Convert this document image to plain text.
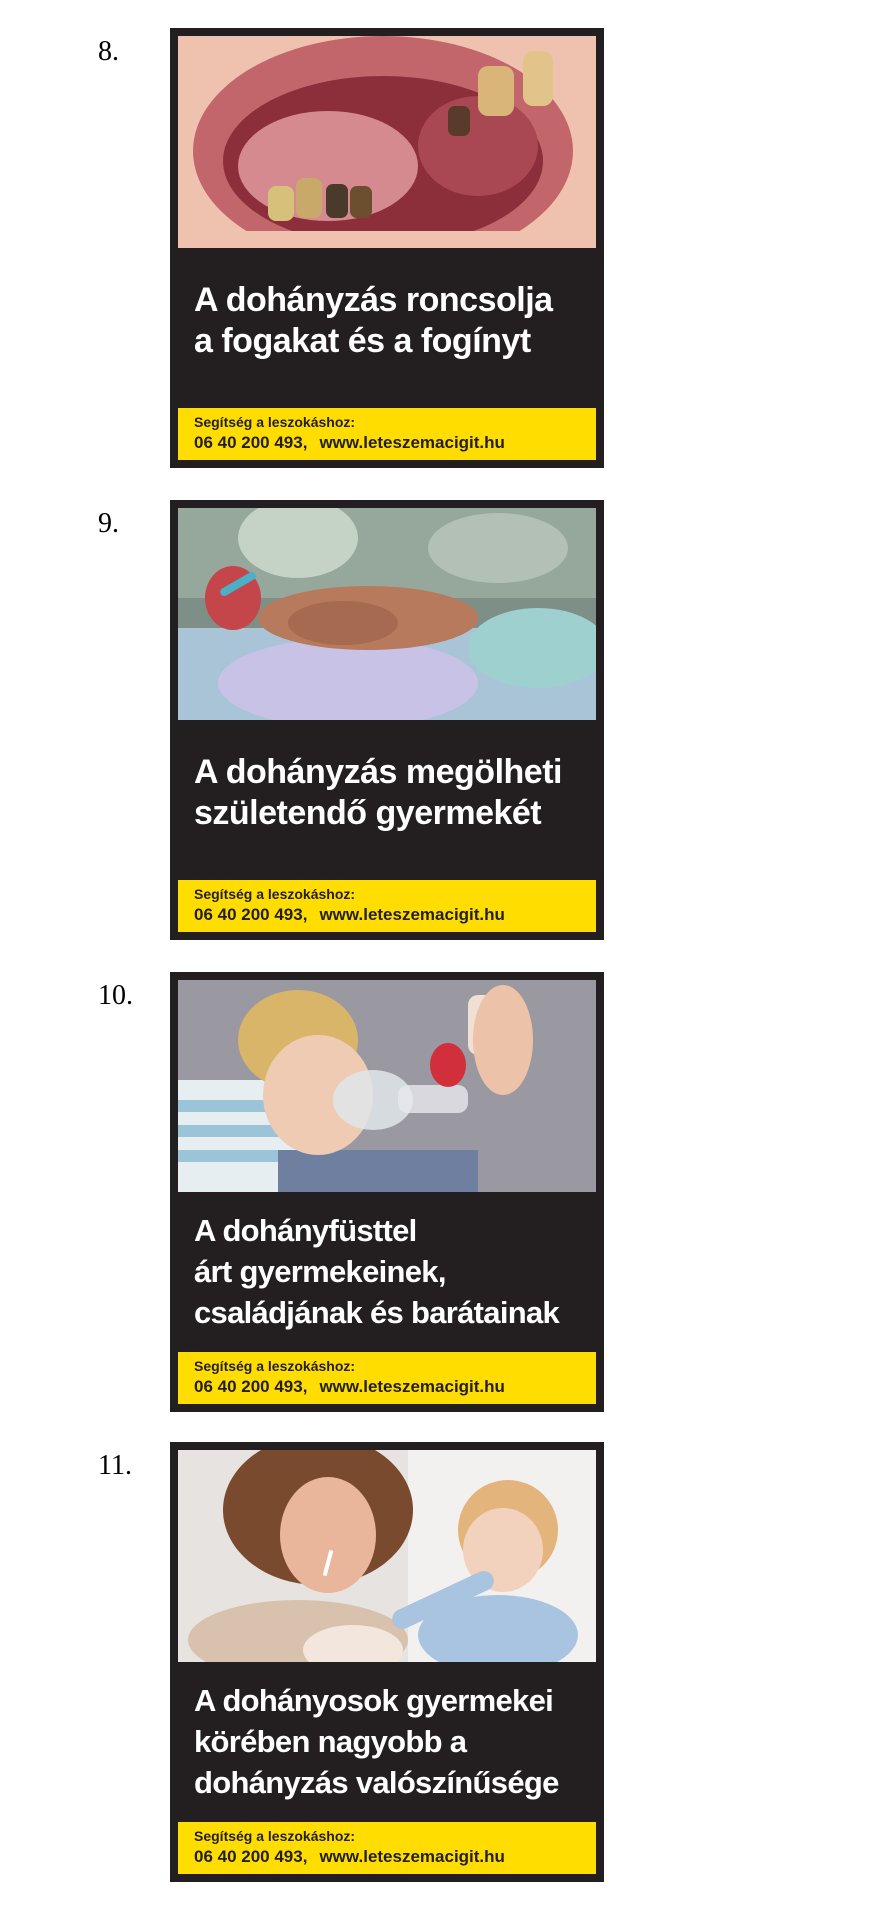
8.
A dohányzás roncsolja
a fogakat és a fogínyt
Segítség a leszokáshoz:
06 40 200 493, www.leteszemacigit.hu
9.
A dohányzás megölheti
születendő gyermekét
Segítség a leszokáshoz:
06 40 200 493, www.leteszemacigit.hu
10.
A dohányfüsttel
árt gyermekeinek,
családjának és barátainak
Segítség a leszokáshoz:
06 40 200 493, www.leteszemacigit.hu
11.
A dohányosok gyermekei
körében nagyobb a
dohányzás valószínűsége
Segítség a leszokáshoz:
06 40 200 493, www.leteszemacigit.hu
